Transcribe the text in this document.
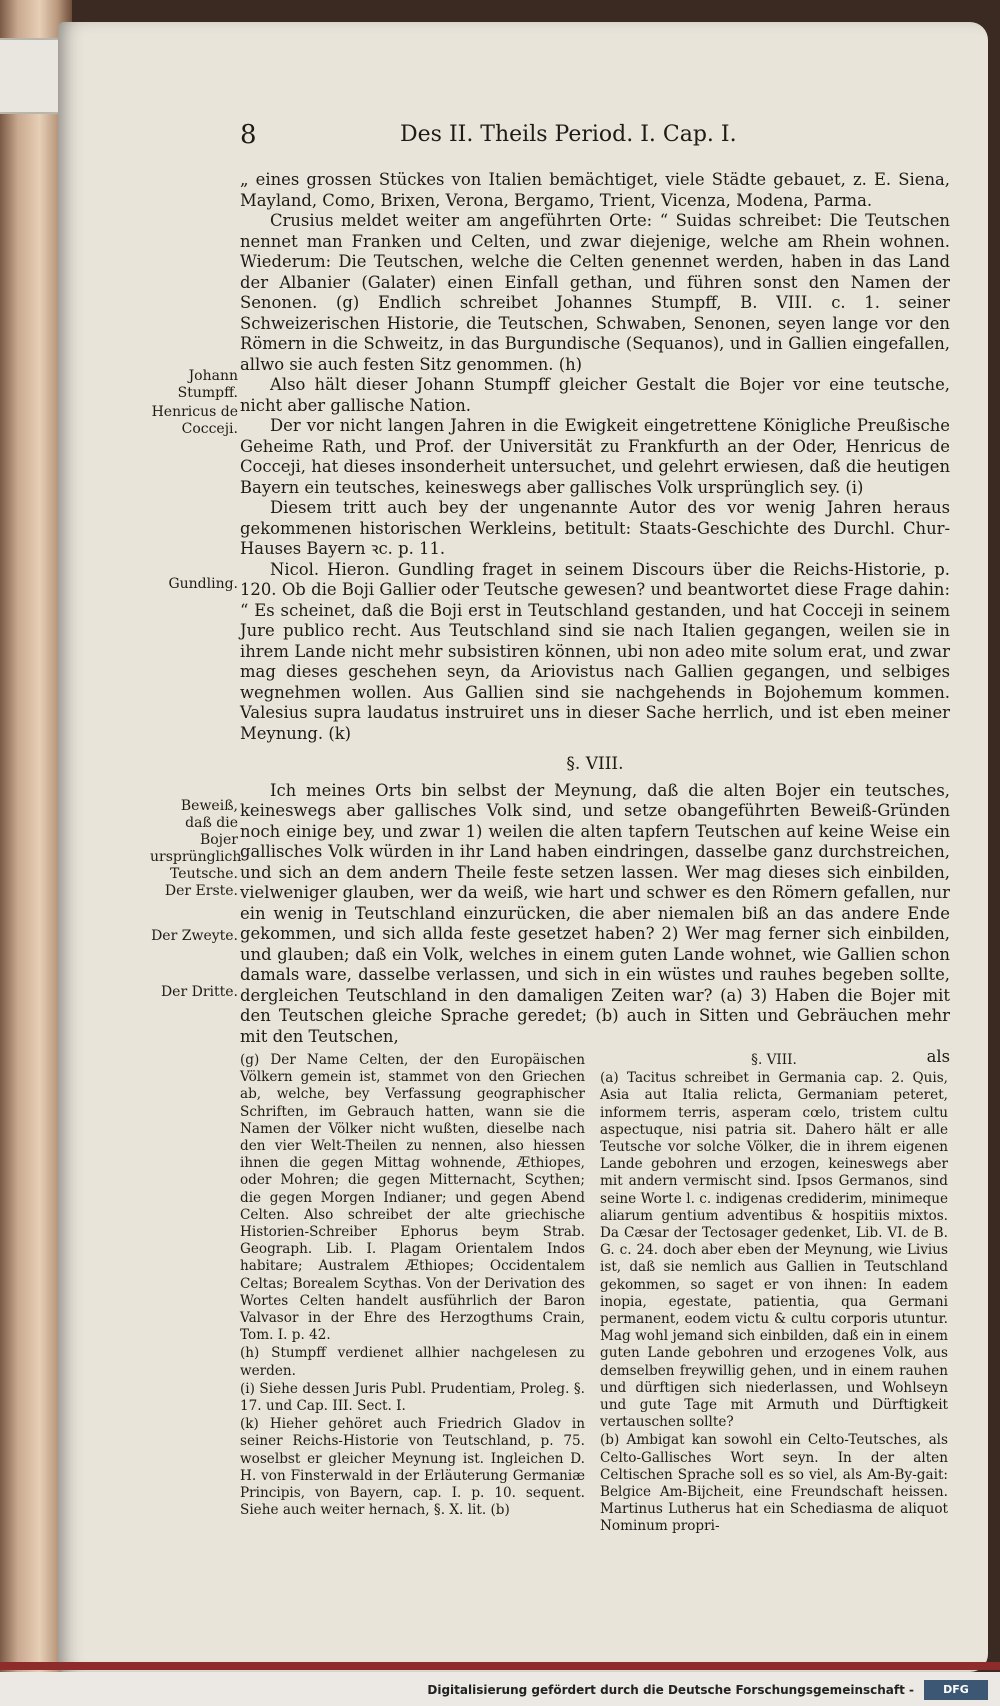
8	Des II. Theils Period. I. Cap. I.
Johann Stumpff.
Henricus de Cocceji.
Gundling.
Beweiß, daß die Bojer ursprünglich Teutsche. Der Erste.
Der Zweyte.
Der Dritte.

„ eines grossen Stückes von Italien bemächtiget, viele Städte gebauet, z. E. Siena, Mayland, Como, Brixen, Verona, Bergamo, Trient, Vicenza, Modena, Parma.

Crusius meldet weiter am angeführten Orte: “ Suidas schreibet: Die Teutschen nennet man Franken und Celten, und zwar diejenige, welche am Rhein wohnen. Wiederum: Die Teutschen, welche die Celten genennet werden, haben in das Land der Albanier (Galater) einen Einfall gethan, und führen sonst den Namen der Senonen. (g) Endlich schreibet Johannes Stumpff, B. VIII. c. 1. seiner Schweizerischen Historie, die Teutschen, Schwaben, Senonen, seyen lange vor den Römern in die Schweitz, in das Burgundische (Sequanos), und in Gallien eingefallen, allwo sie auch festen Sitz genommen. (h)

Also hält dieser Johann Stumpff gleicher Gestalt die Bojer vor eine teutsche, nicht aber gallische Nation.

Der vor nicht langen Jahren in die Ewigkeit eingetrettene Königliche Preußische Geheime Rath, und Prof. der Universität zu Frankfurth an der Oder, Henricus de Cocceji, hat dieses insonderheit untersuchet, und gelehrt erwiesen, daß die heutigen Bayern ein teutsches, keineswegs aber gallisches Volk ursprünglich sey. (i)

Diesem tritt auch bey der ungenannte Autor des vor wenig Jahren heraus gekommenen historischen Werkleins, betitult: Staats-Geschichte des Durchl. Chur-Hauses Bayern ꝛc. p. 11.

Nicol. Hieron. Gundling fraget in seinem Discours über die Reichs-Historie, p. 120. Ob die Boji Gallier oder Teutsche gewesen? und beantwortet diese Frage dahin: “ Es scheinet, daß die Boji erst in Teutschland gestanden, und hat Cocceji in seinem Jure publico recht. Aus Teutschland sind sie nach Italien gegangen, weilen sie in ihrem Lande nicht mehr subsistiren können, ubi non adeo mite solum erat, und zwar mag dieses geschehen seyn, da Ariovistus nach Gallien gegangen, und selbiges wegnehmen wollen. Aus Gallien sind sie nachgehends in Bojohemum kommen. Valesius supra laudatus instruiret uns in dieser Sache herrlich, und ist eben meiner Meynung. (k)

§. VIII.

Ich meines Orts bin selbst der Meynung, daß die alten Bojer ein teutsches, keineswegs aber gallisches Volk sind, und setze obangeführten Beweiß-Gründen noch einige bey, und zwar 1) weilen die alten tapfern Teutschen auf keine Weise ein gallisches Volk würden in ihr Land haben eindringen, dasselbe ganz durchstreichen, und sich an dem andern Theile feste setzen lassen. Wer mag dieses sich einbilden, vielweniger glauben, wer da weiß, wie hart und schwer es den Römern gefallen, nur ein wenig in Teutschland einzurücken, die aber niemalen biß an das andere Ende gekommen, und sich allda feste gesetzet haben? 2) Wer mag ferner sich einbilden, und glauben; daß ein Volk, welches in einem guten Lande wohnet, wie Gallien schon damals ware, dasselbe verlassen, und sich in ein wüstes und rauhes begeben sollte, dergleichen Teutschland in den damaligen Zeiten war? (a) 3) Haben die Bojer mit den Teutschen gleiche Sprache geredet; (b) auch in Sitten und Gebräuchen mehr mit den Teutschen,

als

(g) Der Name Celten, der den Europäischen Völkern gemein ist, stammet von den Griechen ab, welche, bey Verfassung geographischer Schriften, im Gebrauch hatten, wann sie die Namen der Völker nicht wußten, dieselbe nach den vier Welt-Theilen zu nennen, also hiessen ihnen die gegen Mittag wohnende, Æthiopes, oder Mohren; die gegen Mitternacht, Scythen; die gegen Morgen Indianer; und gegen Abend Celten. Also schreibet der alte griechische Historien-Schreiber Ephorus beym Strab. Geograph. Lib. I. Plagam Orientalem Indos habitare; Australem Æthiopes; Occidentalem Celtas; Borealem Scythas. Von der Derivation des Wortes Celten handelt ausführlich der Baron Valvasor in der Ehre des Herzogthums Crain, Tom. I. p. 42.

(h) Stumpff verdienet allhier nachgelesen zu werden.

(i) Siehe dessen Juris Publ. Prudentiam, Proleg. §. 17. und Cap. III. Sect. I.

(k) Hieher gehöret auch Friedrich Gladov in seiner Reichs-Historie von Teutschland, p. 75. woselbst er gleicher Meynung ist. Ingleichen D. H. von Finsterwald in der Erläuterung Germaniæ Principis, von Bayern, cap. I. p. 10. sequent. Siehe auch weiter hernach, §. X. lit. (b)

§. VIII.

(a) Tacitus schreibet in Germania cap. 2. Quis, Asia aut Italia relicta, Germaniam peteret, informem terris, asperam cœlo, tristem cultu aspectuque, nisi patria sit. Dahero hält er alle Teutsche vor solche Völker, die in ihrem eigenen Lande gebohren und erzogen, keineswegs aber mit andern vermischt sind. Ipsos Germanos, sind seine Worte l. c. indigenas crediderim, minimeque aliarum gentium adventibus & hospitiis mixtos. Da Cæsar der Tectosager gedenket, Lib. VI. de B. G. c. 24. doch aber eben der Meynung, wie Livius ist, daß sie nemlich aus Gallien in Teutschland gekommen, so saget er von ihnen: In eadem inopia, egestate, patientia, qua Germani permanent, eodem victu & cultu corporis utuntur. Mag wohl jemand sich einbilden, daß ein in einem guten Lande gebohren und erzogenes Volk, aus demselben freywillig gehen, und in einem rauhen und dürftigen sich niederlassen, und Wohlseyn und gute Tage mit Armuth und Dürftigkeit vertauschen sollte?

(b) Ambigat kan sowohl ein Celto-Teutsches, als Celto-Gallisches Wort seyn. In der alten Celtischen Sprache soll es so viel, als Am-By-gait: Belgice Am-Bijcheit, eine Freundschaft heissen. Martinus Lutherus hat ein Schediasma de aliquot Nominum propri-

Digitalisierung gefördert durch die Deutsche Forschungsgemeinschaft -	DFG
